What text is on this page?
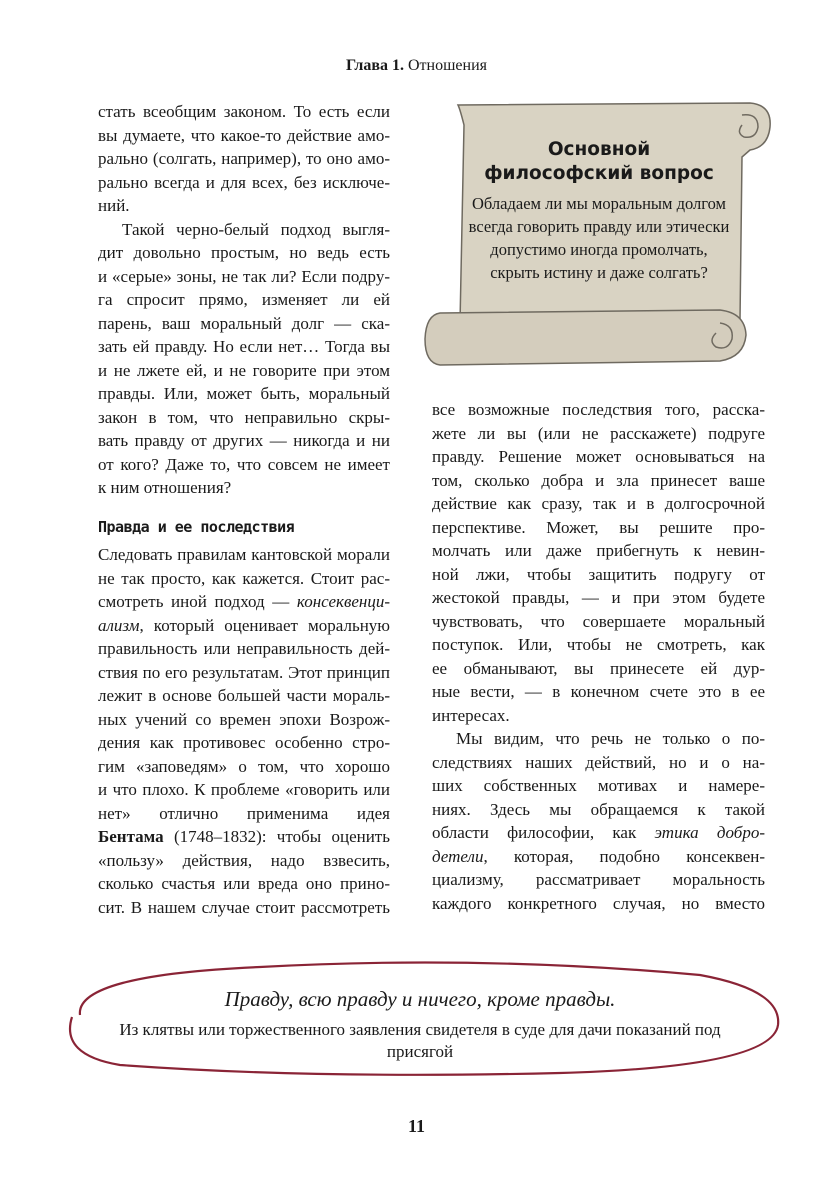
Глава 1. Отношения
стать всеобщим законом. То есть если
вы думаете, что какое-то действие амо-
рально (солгать, например), то оно амо-
рально всегда и для всех, без исключе-
ний.
Такой черно-белый подход выгля-
дит довольно простым, но ведь есть
и «серые» зоны, не так ли? Если подру-
га спросит прямо, изменяет ли ей
парень, ваш моральный долг — ска-
зать ей правду. Но если нет… Тогда вы
и не лжете ей, и не говорите при этом
правды. Или, может быть, моральный
закон в том, что неправильно скры-
вать правду от других — никогда и ни
от кого? Даже то, что совсем не имеет
к ним отношения?
Правда и ее последствия
Следовать правилам кантовской морали
не так просто, как кажется. Стоит рас-
смотреть иной подход — консеквенци-
ализм, который оценивает моральную
правильность или неправильность дей-
ствия по его результатам. Этот принцип
лежит в основе большей части мораль-
ных учений со времен эпохи Возрож-
дения как противовес особенно стро-
гим «заповедям» о том, что хорошо
и что плохо. К проблеме «говорить или
нет» отлично применима идея
Бентама (1748–1832): чтобы оценить
«пользу» действия, надо взвесить,
сколько счастья или вреда оно прино-
сит. В нашем случае стоит рассмотреть
все возможные последствия того, расска-
жете ли вы (или не расскажете) подруге
правду. Решение может основываться на
том, сколько добра и зла принесет ваше
действие как сразу, так и в долгосрочной
перспективе. Может, вы решите про-
молчать или даже прибегнуть к невин-
ной лжи, чтобы защитить подругу от
жестокой правды, — и при этом будете
чувствовать, что совершаете моральный
поступок. Или, чтобы не смотреть, как
ее обманывают, вы принесете ей дур-
ные вести, — в конечном счете это в ее
интересах.
Мы видим, что речь не только о по-
следствиях наших действий, но и о на-
ших собственных мотивах и намере-
ниях. Здесь мы обращаемся к такой
области философии, как этика добро-
детели, которая, подобно консеквен-
циализму, рассматривает моральность
каждого конкретного случая, но вместо
Основной
философский вопрос
Обладаем ли мы моральным долгом всегда говорить правду или этически допустимо иногда промолчать, скрыть истину и даже солгать?
Правду, всю правду и ничего, кроме правды.
Из клятвы или торжественного заявления свидетеля в суде для дачи показаний под присягой
11
